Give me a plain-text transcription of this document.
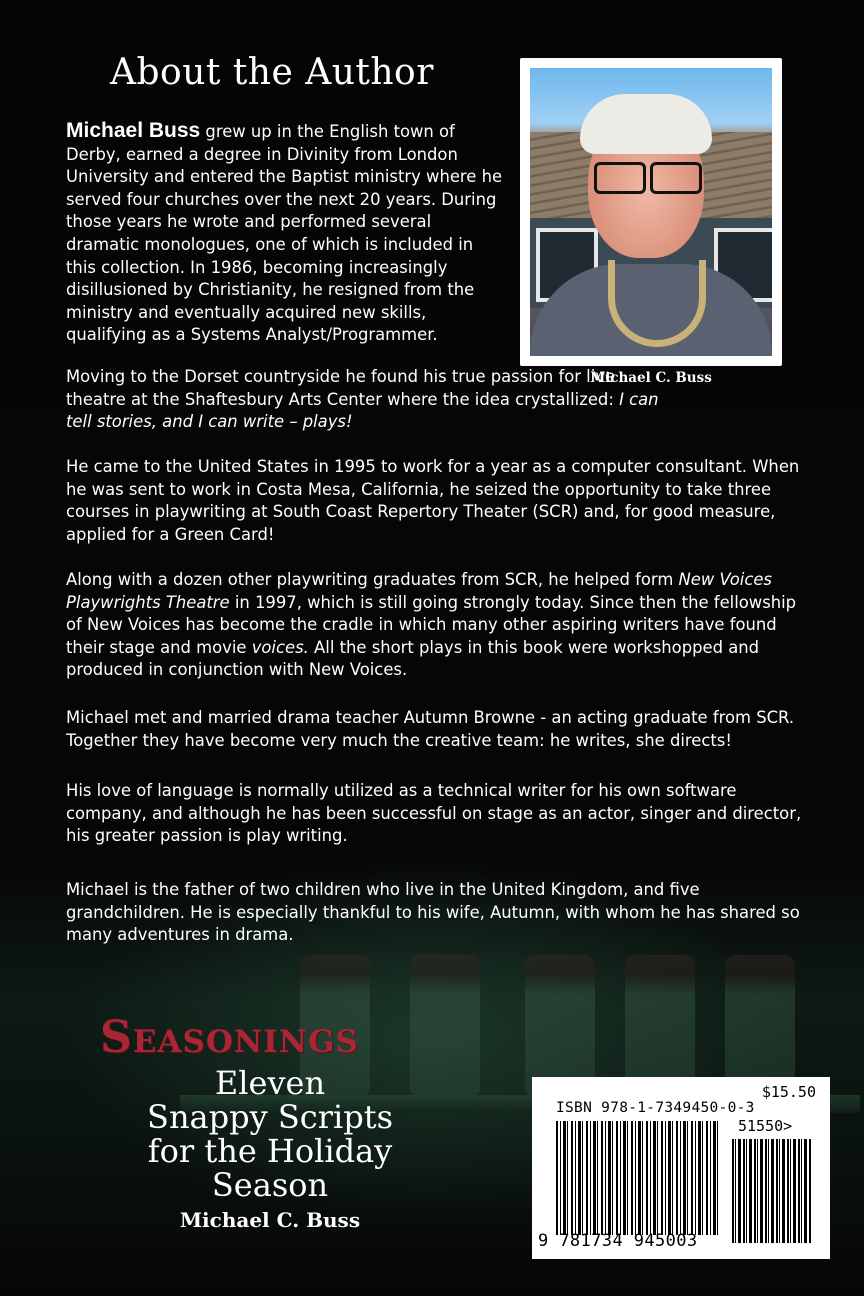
About the Author

Michael Buss grew up in the English town of Derby, earned a degree in Divinity from London University and entered the Baptist ministry where he served four churches over the next 20 years. During those years he wrote and performed several dramatic monologues, one of which is included in this collection. In 1986, becoming increasingly disillusioned by Christianity, he resigned from the ministry and eventually acquired new skills, qualifying as a Systems Analyst/Programmer.

Michael C. Buss

Moving to the Dorset countryside he found his true passion for live theatre at the Shaftesbury Arts Center where the idea crystallized: I can tell stories, and I can write – plays!

He came to the United States in 1995 to work for a year as a computer consultant. When he was sent to work in Costa Mesa, California, he seized the opportunity to take three courses in playwriting at South Coast Repertory Theater (SCR) and, for good measure, applied for a Green Card!

Along with a dozen other playwriting graduates from SCR, he helped form New Voices Playwrights Theatre in 1997, which is still going strongly today. Since then the fellowship of New Voices has become the cradle in which many other aspiring writers have found their stage and movie voices. All the short plays in this book were workshopped and produced in conjunction with New Voices.

Michael met and married drama teacher Autumn Browne - an acting graduate from SCR. Together they have become very much the creative team: he writes, she directs!

His love of language is normally utilized as a technical writer for his own software company, and although he has been successful on stage as an actor, singer and director, his greater passion is play writing.

Michael is the father of two children who live in the United Kingdom, and five grandchildren. He is especially thankful to his wife, Autumn, with whom he has shared so many adventures in drama.

Seasonings

Eleven
Snappy Scripts
for the Holiday
Season

Michael C. Buss

$15.50

ISBN 978-1-7349450-0-3

51550>

9 781734 945003
